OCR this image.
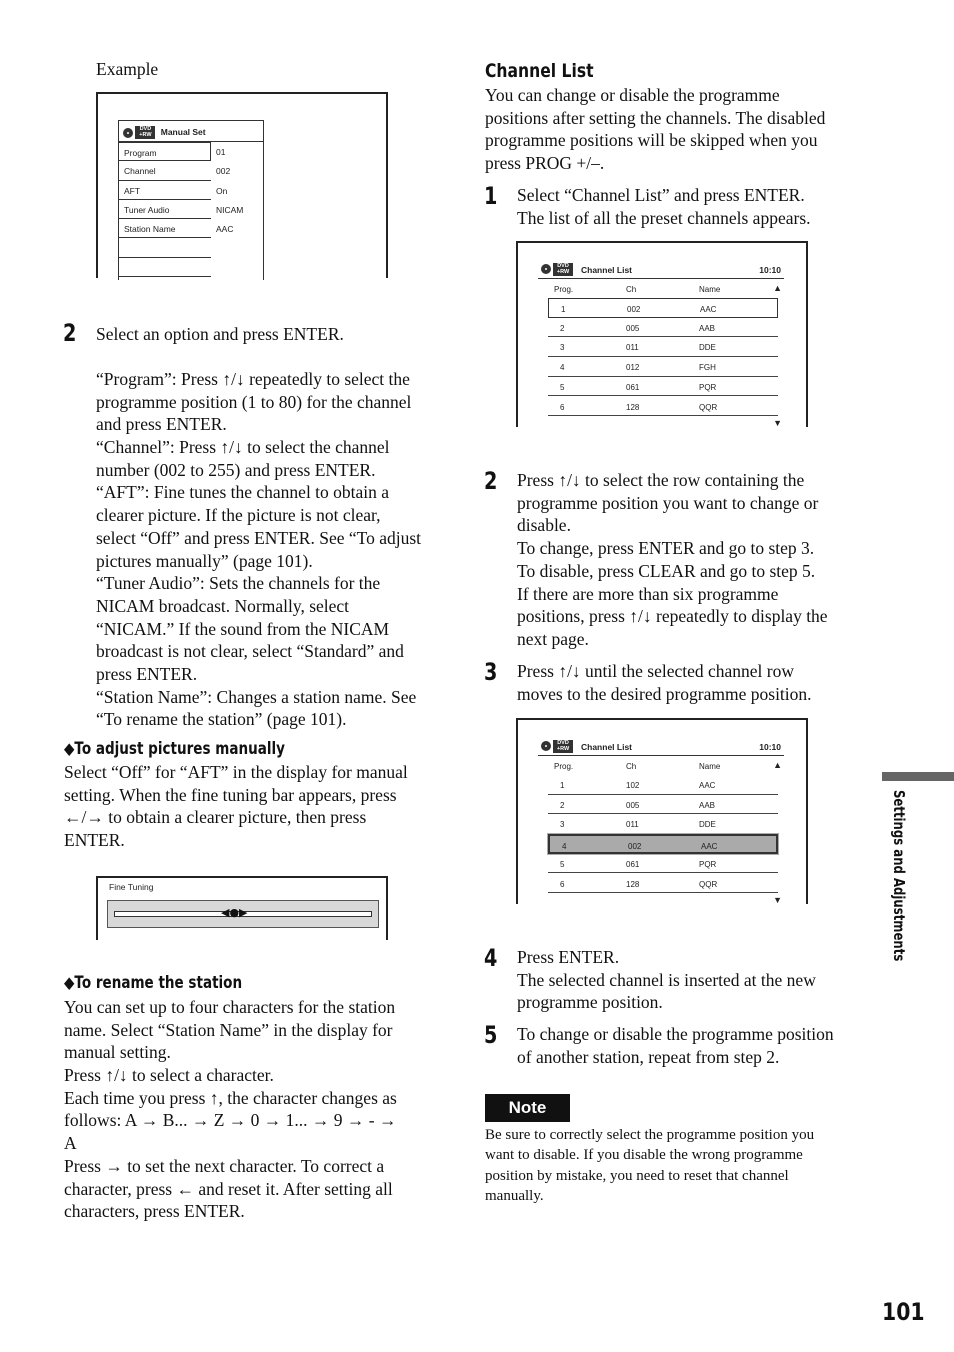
Example
DVD +RW Manual Set
Program	01
Channel	002
AFT	On
Tuner Audio	NICAM
Station Name	AAC
2 Select an option and press ENTER.
“Program”: Press ↑/↓ repeatedly to select the
programme position (1 to 80) for the channel
and press ENTER.
“Channel”: Press ↑/↓ to select the channel
number (002 to 255) and press ENTER.
“AFT”: Fine tunes the channel to obtain a
clearer picture. If the picture is not clear,
select “Off” and press ENTER. See “To adjust
pictures manually” (page 101).
“Tuner Audio”: Sets the channels for the
NICAM broadcast. Normally, select
“NICAM.” If the sound from the NICAM
broadcast is not clear, select “Standard” and
press ENTER.
“Station Name”: Changes a station name. See
“To rename the station” (page 101).
◆To adjust pictures manually
Select “Off” for “AFT” in the display for manual
setting. When the fine tuning bar appears, press
←/→ to obtain a clearer picture, then press
ENTER.
Fine Tuning
◀●▶
◆To rename the station
You can set up to four characters for the station
name. Select “Station Name” in the display for
manual setting.
Press ↑/↓ to select a character.
Each time you press ↑, the character changes as
follows: A → B... → Z → 0 → 1... → 9 → - →
A
Press → to set the next character. To correct a
character, press ← and reset it. After setting all
characters, press ENTER.
Channel List
You can change or disable the programme
positions after setting the channels. The disabled
programme positions will be skipped when you
press PROG +/–.
1 Select “Channel List” and press ENTER.
The list of all the preset channels appears.
2 Press ↑/↓ to select the row containing the
programme position you want to change or
disable.
To change, press ENTER and go to step 3.
To disable, press CLEAR and go to step 5.
If there are more than six programme
positions, press ↑/↓ repeatedly to display the
next page.
3 Press ↑/↓ until the selected channel row
moves to the desired programme position.
4 Press ENTER.
The selected channel is inserted at the new
programme position.
5 To change or disable the programme position
of another station, repeat from step 2.
DVD +RW	Channel List	10:10
Prog.	Ch	Name	▲
1	002	AAC
2	005	AAB
3	011	DDE
4	012	FGH
5	061	PQR
6	128	QQR
▼
DVD +RW	Channel List	10:10
Prog.	Ch	Name	▲
1	102	AAC
2	005	AAB
3	011	DDE
4	002	AAC
5	061	PQR
6	128	QQR
▼
Note
Be sure to correctly select the programme position you
want to disable. If you disable the wrong programme
position by mistake, you need to reset that channel
manually.
Settings and Adjustments
101
